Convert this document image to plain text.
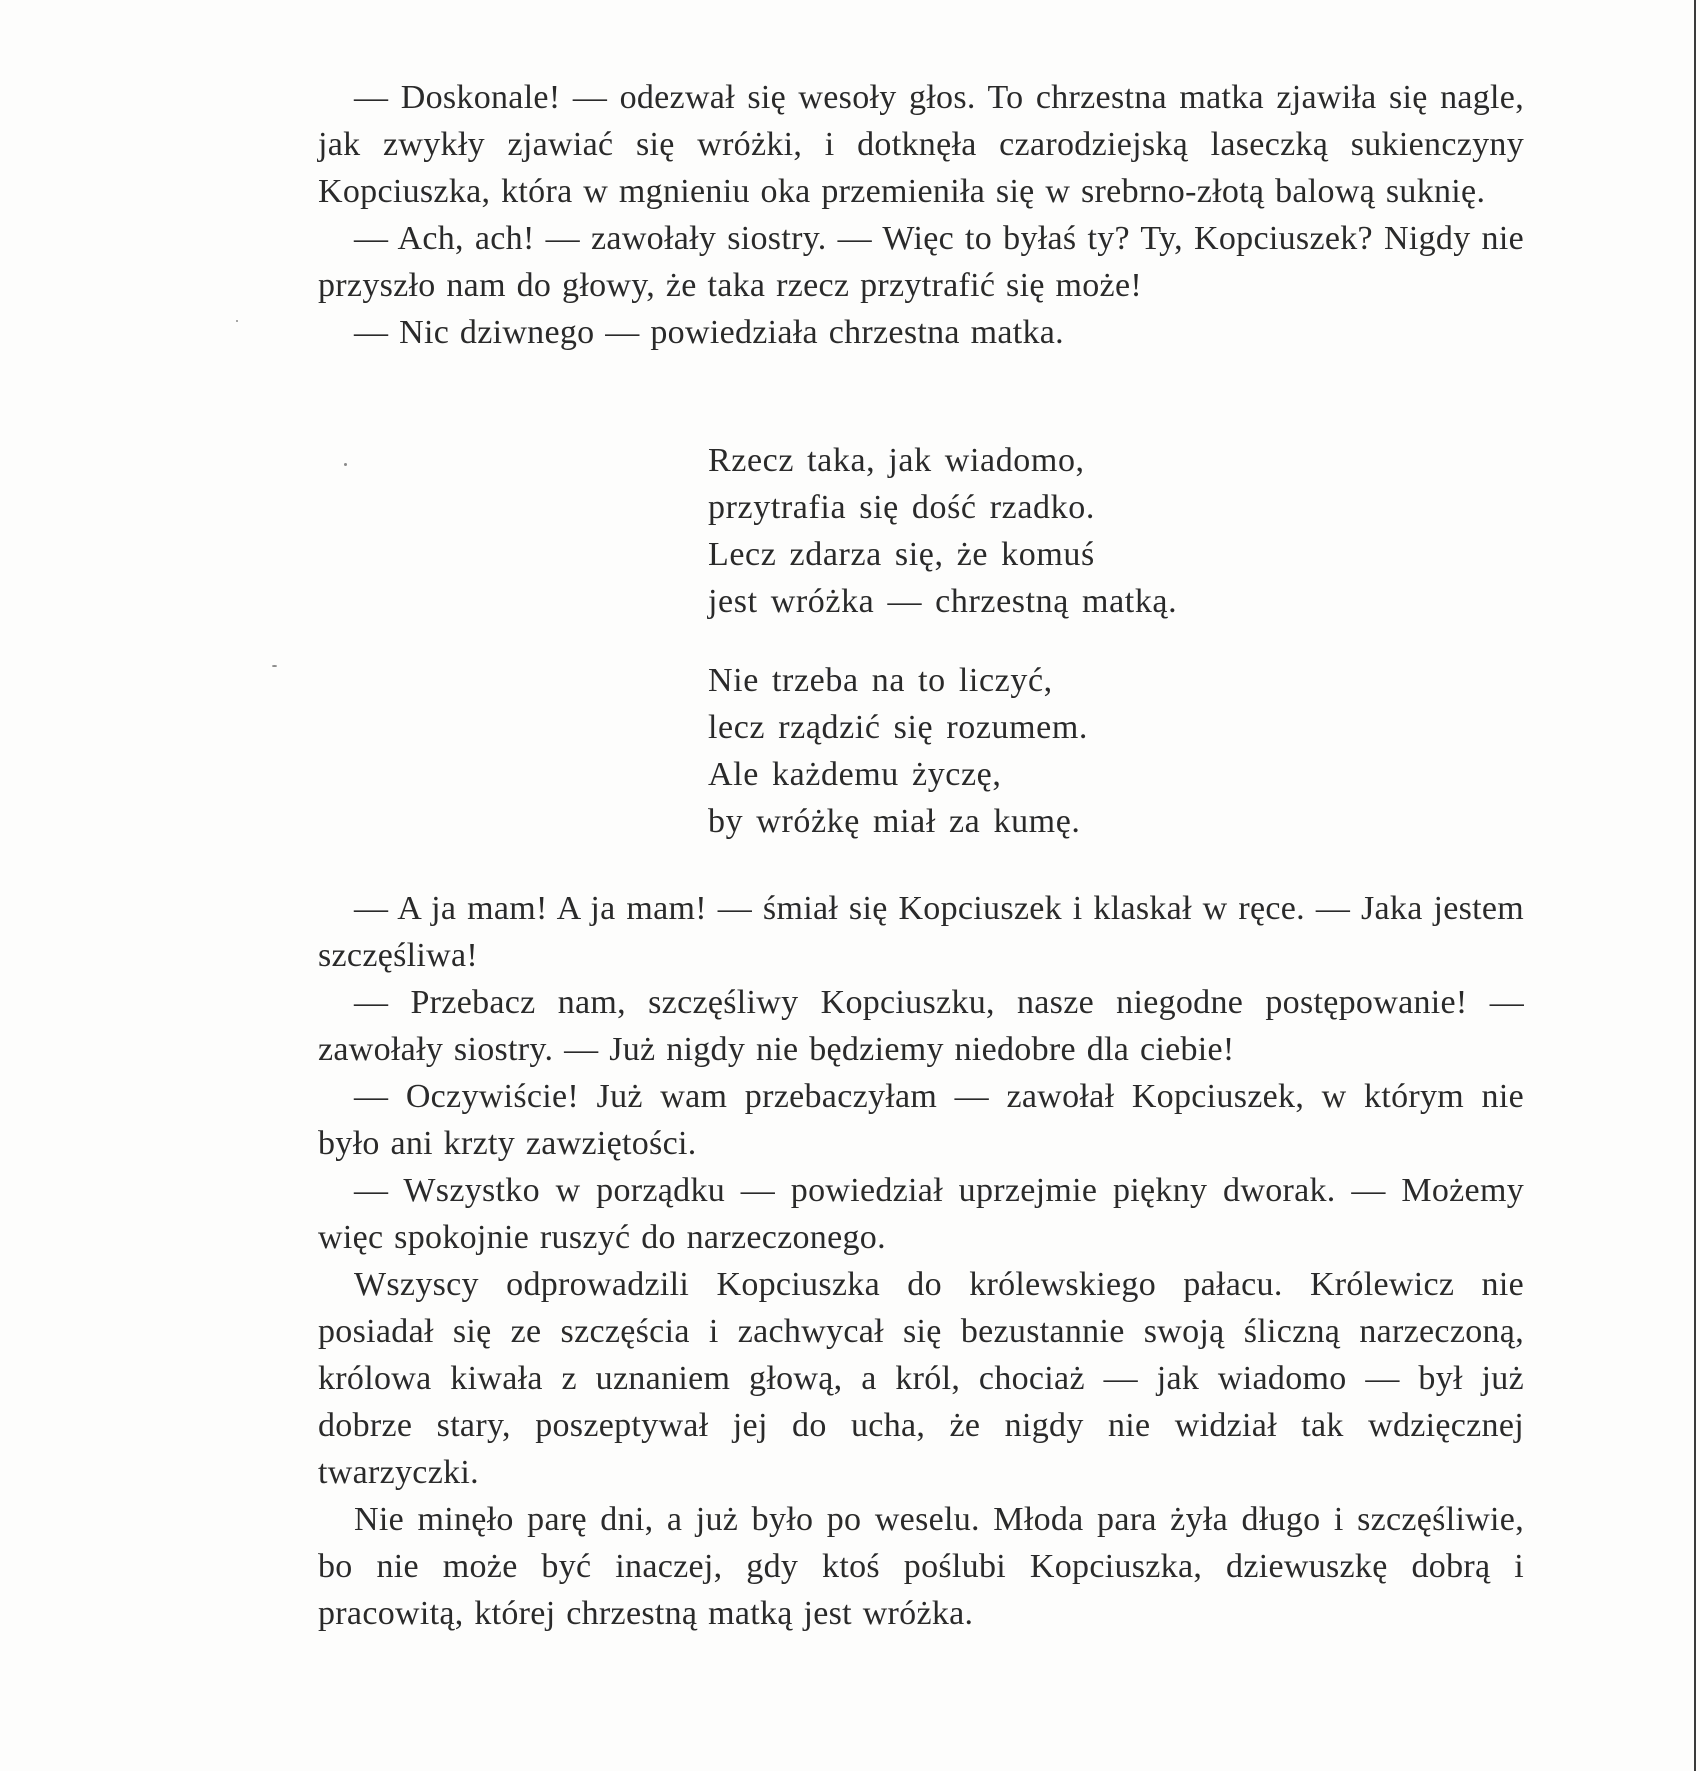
— Doskonale! — odezwał się wesoły głos. To chrzestna matka zjawiła się nagle, jak zwykły zjawiać się wróżki, i dotknęła czarodziejską laseczką sukienczyny Kopciuszka, która w mgnieniu oka przemieniła się w srebrno-złotą balową suknię.

— Ach, ach! — zawołały siostry. — Więc to byłaś ty? Ty, Kopciuszek? Nigdy nie przyszło nam do głowy, że taka rzecz przytrafić się może!

— Nic dziwnego — powiedziała chrzestna matka.

Rzecz taka, jak wiadomo,
przytrafia się dość rzadko.
Lecz zdarza się, że komuś
jest wróżka — chrzestną matką.
Nie trzeba na to liczyć,
lecz rządzić się rozumem.
Ale każdemu życzę,
by wróżkę miał za kumę.

— A ja mam! A ja mam! — śmiał się Kopciuszek i klaskał w ręce. — Jaka jestem szczęśliwa!

— Przebacz nam, szczęśliwy Kopciuszku, nasze niegodne postępowanie! — zawołały siostry. — Już nigdy nie będziemy niedobre dla ciebie!

— Oczywiście! Już wam przebaczyłam — zawołał Kopciuszek, w którym nie było ani krzty zawziętości.

— Wszystko w porządku — powiedział uprzejmie piękny dworak. — Możemy więc spokojnie ruszyć do narzeczonego.

Wszyscy odprowadzili Kopciuszka do królewskiego pałacu. Królewicz nie posiadał się ze szczęścia i zachwycał się bezustannie swoją śliczną narzeczoną, królowa kiwała z uznaniem głową, a król, chociaż — jak wiadomo — był już dobrze stary, poszeptywał jej do ucha, że nigdy nie widział tak wdzięcznej twarzyczki.

Nie minęło parę dni, a już było po weselu. Młoda para żyła długo i szczęśliwie, bo nie może być inaczej, gdy ktoś poślubi Kopciuszka, dziewuszkę dobrą i pracowitą, której chrzestną matką jest wróżka.
